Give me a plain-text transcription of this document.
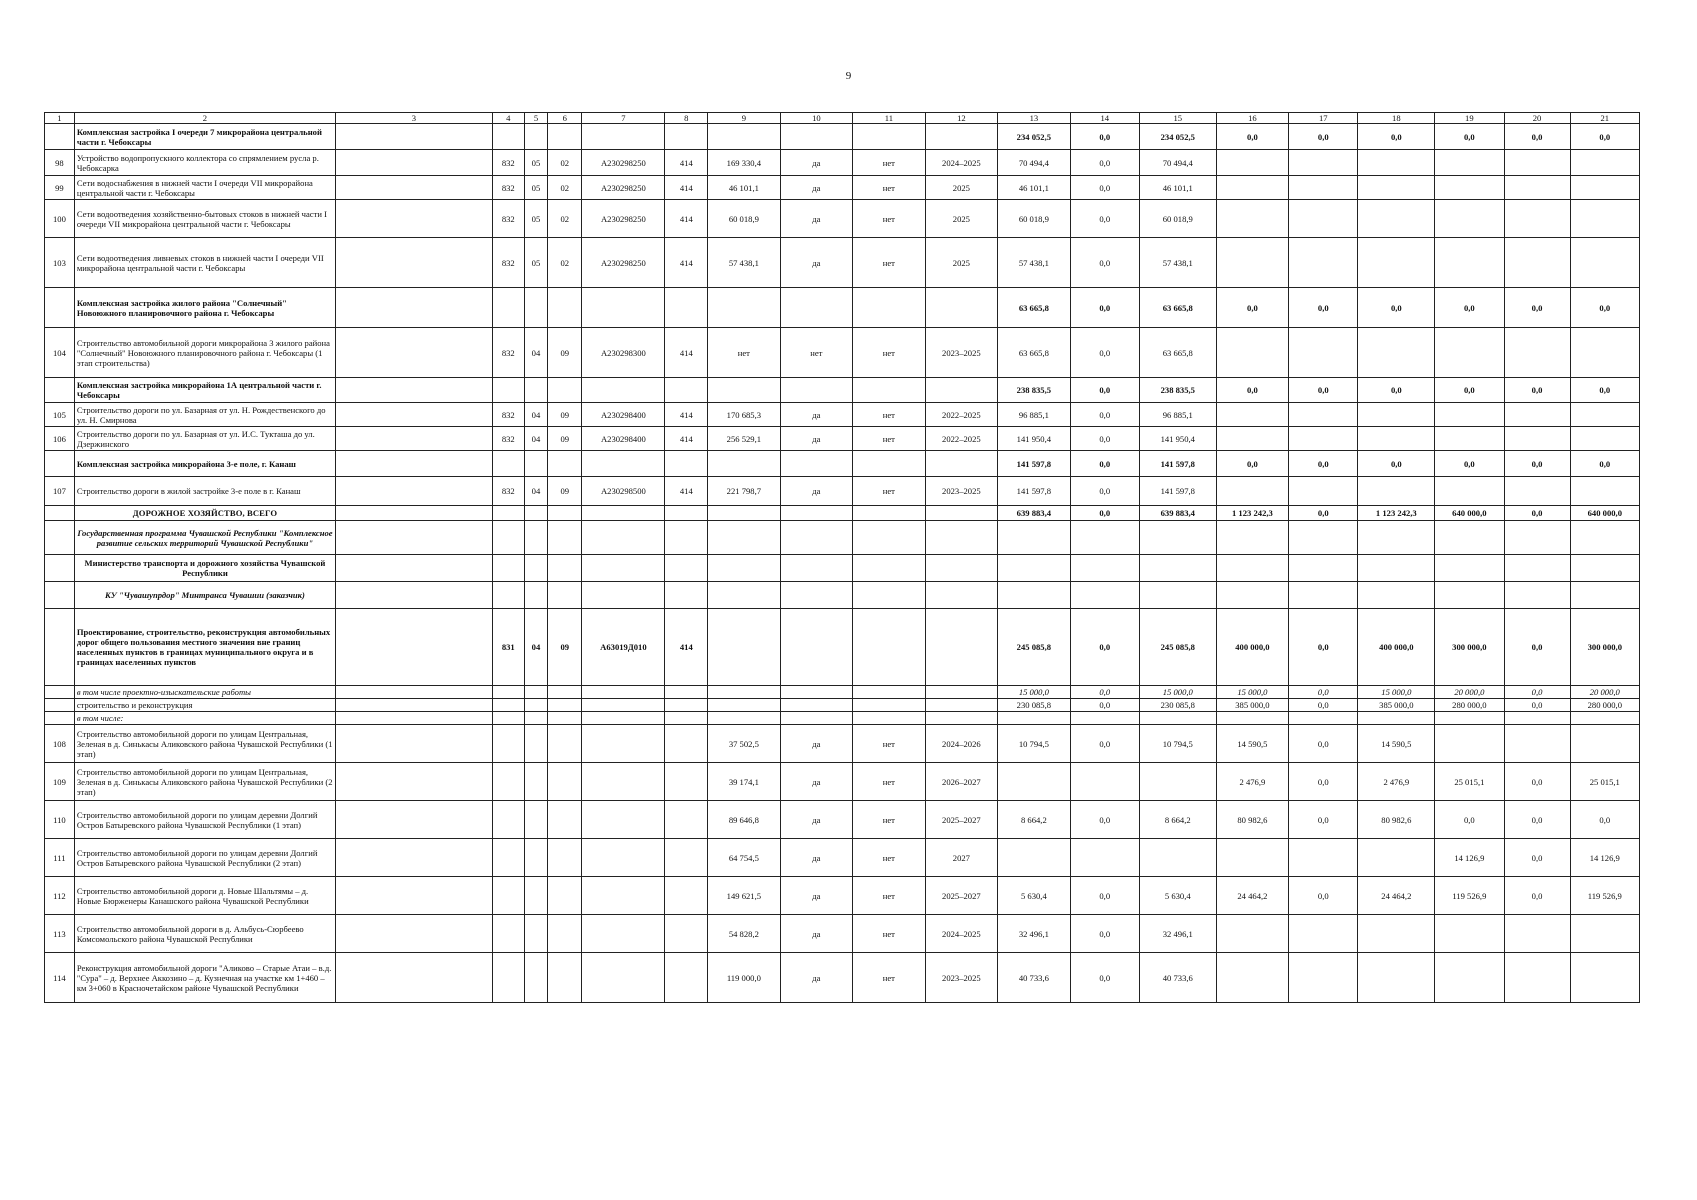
9
1	2	3	4	5	6	7	8	9	10	11	12	13	14	15	16	17	18	19	20	21
	Комплексная застройка I очереди 7 микрорайона центральной части г. Чебоксары											234 052,5	0,0	234 052,5	0,0	0,0	0,0	0,0	0,0	0,0
98	Устройство водопропускного коллектора со спрямлением русла р. Чебоксарка		832	05	02	А230298250	414	169 330,4	да	нет	2024–2025	70 494,4	0,0	70 494,4						
99	Сети водоснабжения в нижней части I очереди VII микрорайона центральной части г. Чебоксары		832	05	02	А230298250	414	46 101,1	да	нет	2025	46 101,1	0,0	46 101,1						
100	Сети водоотведения хозяйственно-бытовых стоков в нижней части I очереди VII микрорайона центральной части г. Чебоксары		832	05	02	А230298250	414	60 018,9	да	нет	2025	60 018,9	0,0	60 018,9						
103	Сети водоотведения ливневых стоков в нижней части I очереди VII микрорайона центральной части г. Чебоксары		832	05	02	А230298250	414	57 438,1	да	нет	2025	57 438,1	0,0	57 438,1						
	Комплексная застройка жилого района "Солнечный" Новоюжного планировочного района г. Чебоксары											63 665,8	0,0	63 665,8	0,0	0,0	0,0	0,0	0,0	0,0
104	Строительство автомобильной дороги микрорайона 3 жилого района "Солнечный" Новоюжного планировочного района г. Чебоксары (1 этап строительства)		832	04	09	А230298300	414	нет	нет	нет	2023–2025	63 665,8	0,0	63 665,8						
	Комплексная застройка микрорайона 1А центральной части г. Чебоксары											238 835,5	0,0	238 835,5	0,0	0,0	0,0	0,0	0,0	0,0
105	Строительство дороги по ул. Базарная от ул. Н. Рождественского до ул. Н. Смирнова		832	04	09	А230298400	414	170 685,3	да	нет	2022–2025	96 885,1	0,0	96 885,1						
106	Строительство дороги по ул. Базарная от ул. И.С. Тукташа до ул. Дзержинского		832	04	09	А230298400	414	256 529,1	да	нет	2022–2025	141 950,4	0,0	141 950,4						
	Комплексная застройка микрорайона 3-е поле, г. Канаш											141 597,8	0,0	141 597,8	0,0	0,0	0,0	0,0	0,0	0,0
107	Строительство дороги в жилой застройке 3-е поле в г. Канаш		832	04	09	А230298500	414	221 798,7	да	нет	2023–2025	141 597,8	0,0	141 597,8						
	ДОРОЖНОЕ ХОЗЯЙСТВО, ВСЕГО											639 883,4	0,0	639 883,4	1 123 242,3	0,0	1 123 242,3	640 000,0	0,0	640 000,0
	Государственная программа Чувашской Республики "Комплексное развитие сельских территорий Чувашской Республики"																			
	Министерство транспорта и дорожного хозяйства Чувашской Республики																			
	КУ "Чувашупрдор" Минтранса Чувашии (заказчик)																			
	Проектирование, строительство, реконструкция автомобильных дорог общего пользования местного значения вне границ населенных пунктов в границах муниципального округа и в границах населенных пунктов		831	04	09	А63019Д010	414					245 085,8	0,0	245 085,8	400 000,0	0,0	400 000,0	300 000,0	0,0	300 000,0
	в том числе проектно-изыскательские работы											15 000,0	0,0	15 000,0	15 000,0	0,0	15 000,0	20 000,0	0,0	20 000,0
	строительство и реконструкция											230 085,8	0,0	230 085,8	385 000,0	0,0	385 000,0	280 000,0	0,0	280 000,0
	в том числе:																			
108	Строительство автомобильной дороги по улицам Центральная, Зеленая в д. Синькасы Аликовского района Чувашской Республики (1 этап)							37 502,5	да	нет	2024–2026	10 794,5	0,0	10 794,5	14 590,5	0,0	14 590,5			
109	Строительство автомобильной дороги по улицам Центральная, Зеленая в д. Синькасы Аликовского района Чувашской Республики (2 этап)							39 174,1	да	нет	2026–2027				2 476,9	0,0	2 476,9	25 015,1	0,0	25 015,1
110	Строительство автомобильной дороги по улицам деревни Долгий Остров Батыревского района Чувашской Республики (1 этап)							89 646,8	да	нет	2025–2027	8 664,2	0,0	8 664,2	80 982,6	0,0	80 982,6	0,0	0,0	0,0
111	Строительство автомобильной дороги по улицам деревни Долгий Остров Батыревского района Чувашской Республики (2 этап)							64 754,5	да	нет	2027							14 126,9	0,0	14 126,9
112	Строительство автомобильной дороги д. Новые Шальтямы – д. Новые Бюрженеры Канашского района Чувашской Республики							149 621,5	да	нет	2025–2027	5 630,4	0,0	5 630,4	24 464,2	0,0	24 464,2	119 526,9	0,0	119 526,9
113	Строительство автомобильной дороги в д. Альбусь-Сюрбеево Комсомольского района Чувашской Республики							54 828,2	да	нет	2024–2025	32 496,1	0,0	32 496,1						
114	Реконструкция автомобильной дороги "Аликово – Старые Атаи – в.д. "Сура" – д. Верхнее Аккозино – д. Кузнечная на участке км 1+460 – км 3+060 в Красночетайском районе Чувашской Республики							119 000,0	да	нет	2023–2025	40 733,6	0,0	40 733,6						
